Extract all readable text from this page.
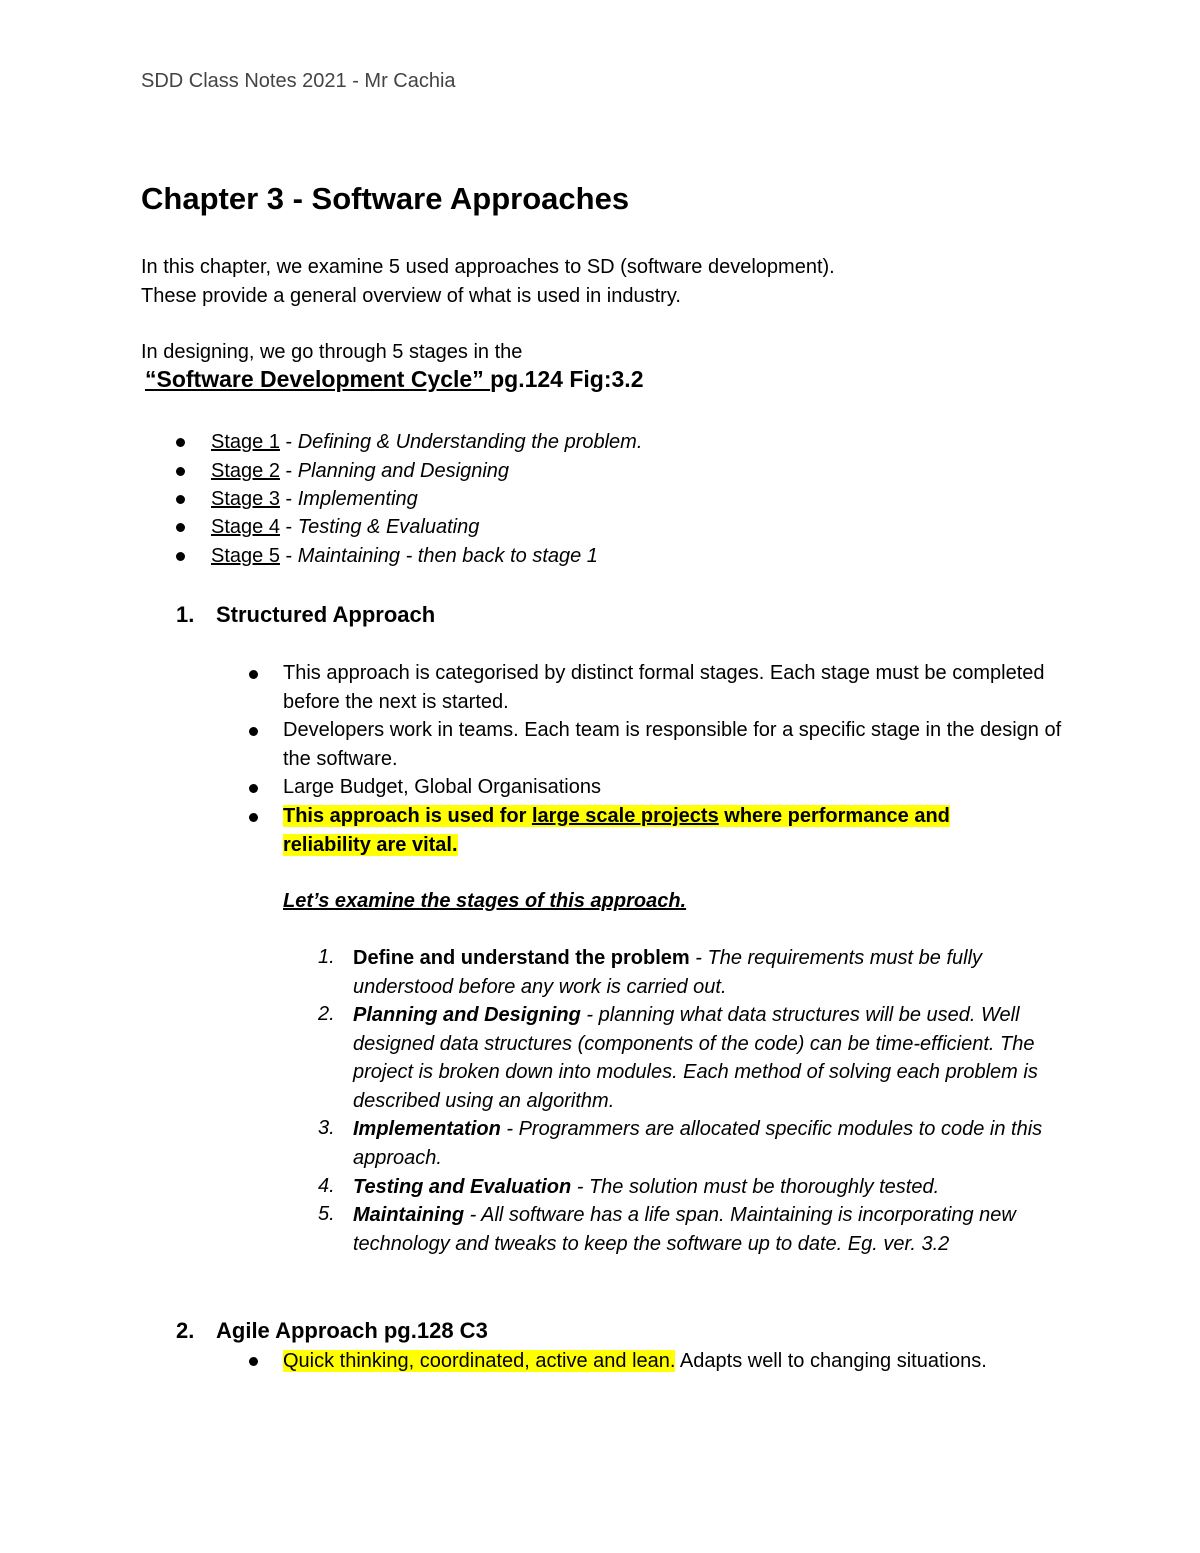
SDD Class Notes 2021 - Mr Cachia
Chapter 3 - Software Approaches
In this chapter, we examine 5 used approaches to SD (software development).
These provide a general overview of what is used in industry.
In designing, we go through 5 stages in the
“Software Development Cycle” pg.124 Fig:3.2
Stage 1 - Defining & Understanding the problem.
Stage 2 - Planning and Designing
Stage 3 - Implementing
Stage 4 - Testing & Evaluating
Stage 5 - Maintaining - then back to stage 1
1. Structured Approach
This approach is categorised by distinct formal stages. Each stage must be completed before the next is started.
Developers work in teams. Each team is responsible for a specific stage in the design of the software.
Large Budget, Global Organisations
This approach is used for large scale projects where performance and reliability are vital.
Let’s examine the stages of this approach.
1. Define and understand the problem - The requirements must be fully understood before any work is carried out.
2. Planning and Designing - planning what data structures will be used. Well designed data structures (components of the code) can be time-efficient. The project is broken down into modules. Each method of solving each problem is described using an algorithm.
3. Implementation - Programmers are allocated specific modules to code in this approach.
4. Testing and Evaluation - The solution must be thoroughly tested.
5. Maintaining - All software has a life span. Maintaining is incorporating new technology and tweaks to keep the software up to date. Eg. ver. 3.2
2. Agile Approach pg.128 C3
Quick thinking, coordinated, active and lean. Adapts well to changing situations.
